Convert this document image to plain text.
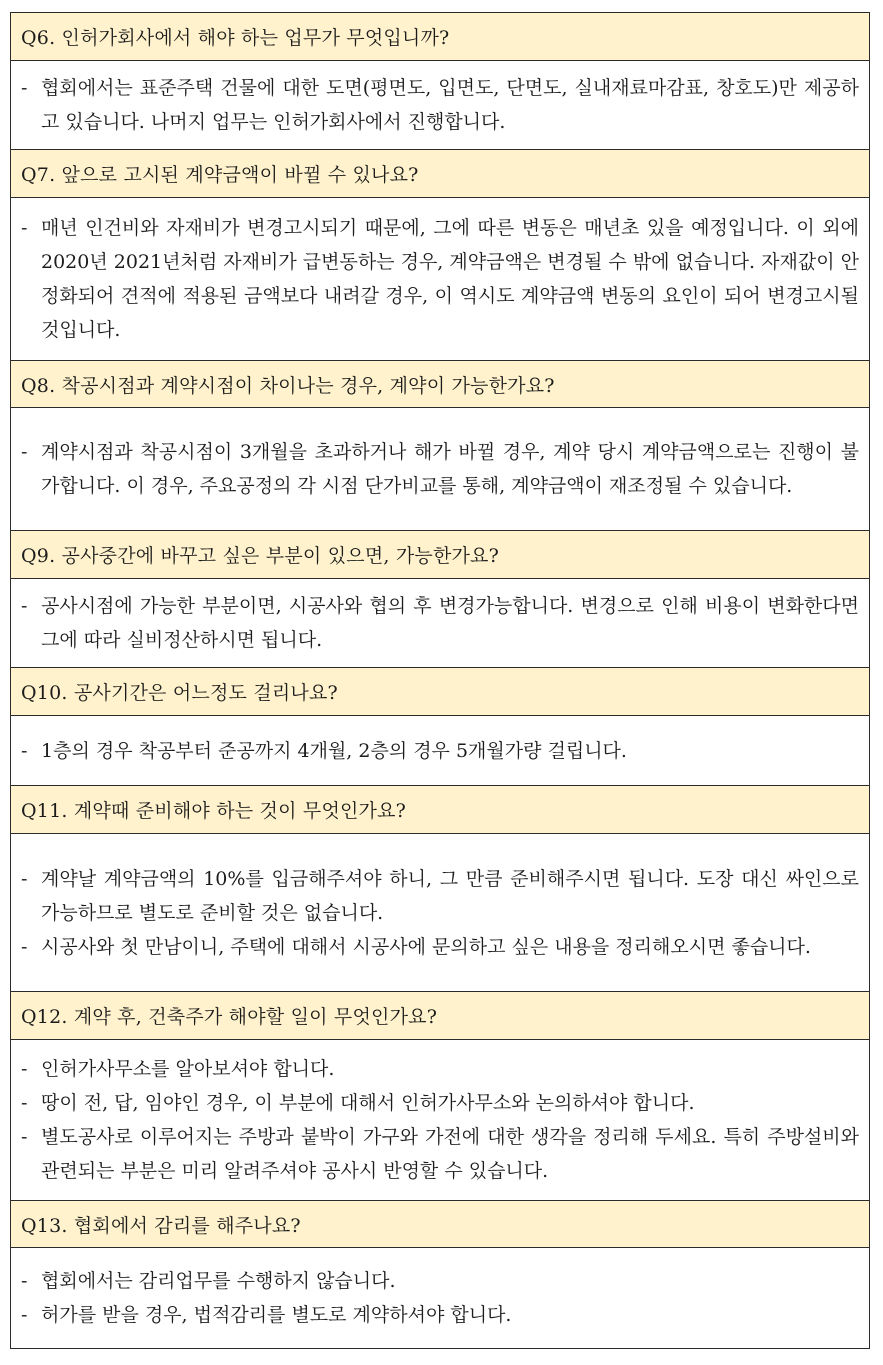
Q6. 인허가회사에서 해야 하는 업무가 무엇입니까?
- 협회에서는 표준주택 건물에 대한 도면(평면도, 입면도, 단면도, 실내재료마감표, 창호도)만 제공하고 있습니다. 나머지 업무는 인허가회사에서 진행합니다.
Q7. 앞으로 고시된 계약금액이 바뀔 수 있나요?
- 매년 인건비와 자재비가 변경고시되기 때문에, 그에 따른 변동은 매년초 있을 예정입니다. 이 외에 2020년 2021년처럼 자재비가 급변동하는 경우, 계약금액은 변경될 수 밖에 없습니다. 자재값이 안정화되어 견적에 적용된 금액보다 내려갈 경우, 이 역시도 계약금액 변동의 요인이 되어 변경고시될 것입니다.
Q8. 착공시점과 계약시점이 차이나는 경우, 계약이 가능한가요?
- 계약시점과 착공시점이 3개월을 초과하거나 해가 바뀔 경우, 계약 당시 계약금액으로는 진행이 불가합니다. 이 경우, 주요공정의 각 시점 단가비교를 통해, 계약금액이 재조정될 수 있습니다.
Q9. 공사중간에 바꾸고 싶은 부분이 있으면, 가능한가요?
- 공사시점에 가능한 부분이면, 시공사와 협의 후 변경가능합니다. 변경으로 인해 비용이 변화한다면 그에 따라 실비정산하시면 됩니다.
Q10. 공사기간은 어느정도 걸리나요?
- 1층의 경우 착공부터 준공까지 4개월, 2층의 경우 5개월가량 걸립니다.
Q11. 계약때 준비해야 하는 것이 무엇인가요?
- 계약날 계약금액의 10%를 입금해주셔야 하니, 그 만큼 준비해주시면 됩니다. 도장 대신 싸인으로 가능하므로 별도로 준비할 것은 없습니다.
- 시공사와 첫 만남이니, 주택에 대해서 시공사에 문의하고 싶은 내용을 정리해오시면 좋습니다.
Q12. 계약 후, 건축주가 해야할 일이 무엇인가요?
- 인허가사무소를 알아보셔야 합니다.
- 땅이 전, 답, 임야인 경우, 이 부분에 대해서 인허가사무소와 논의하셔야 합니다.
- 별도공사로 이루어지는 주방과 붙박이 가구와 가전에 대한 생각을 정리해 두세요. 특히 주방설비와 관련되는 부분은 미리 알려주셔야 공사시 반영할 수 있습니다.
Q13. 협회에서 감리를 해주나요?
- 협회에서는 감리업무를 수행하지 않습니다.
- 허가를 받을 경우, 법적감리를 별도로 계약하셔야 합니다.
